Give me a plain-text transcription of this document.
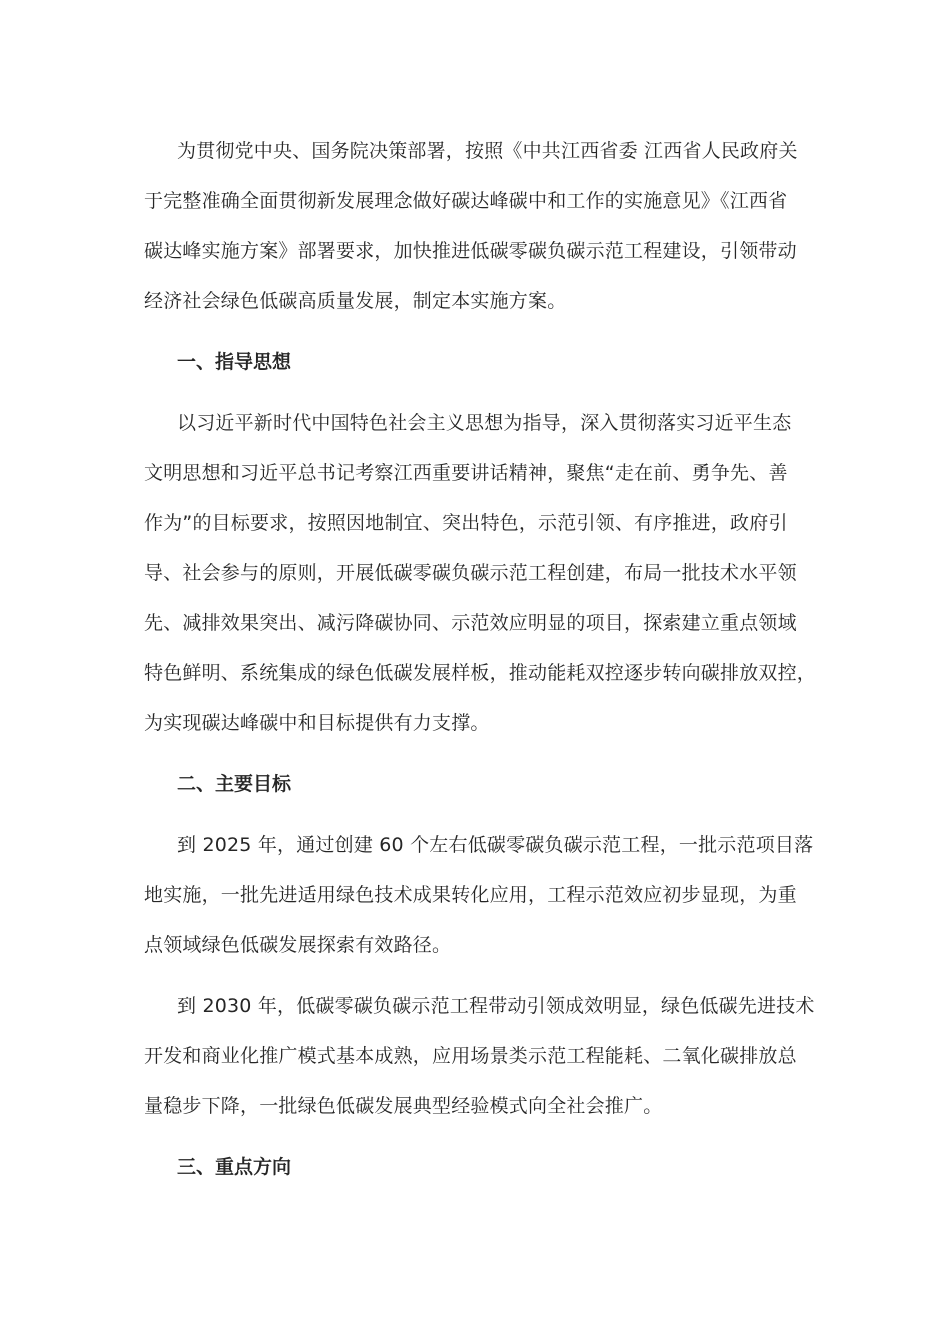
为贯彻党中央、国务院决策部署，按照《中共江西省委 江西省人民政府关
于完整准确全面贯彻新发展理念做好碳达峰碳中和工作的实施意见》《江西省
碳达峰实施方案》部署要求，加快推进低碳零碳负碳示范工程建设，引领带动
经济社会绿色低碳高质量发展，制定本实施方案。

一、指导思想

以习近平新时代中国特色社会主义思想为指导，深入贯彻落实习近平生态
文明思想和习近平总书记考察江西重要讲话精神，聚焦“走在前、勇争先、善
作为”的目标要求，按照因地制宜、突出特色，示范引领、有序推进，政府引
导、社会参与的原则，开展低碳零碳负碳示范工程创建，布局一批技术水平领
先、减排效果突出、减污降碳协同、示范效应明显的项目，探索建立重点领域
特色鲜明、系统集成的绿色低碳发展样板，推动能耗双控逐步转向碳排放双控，
为实现碳达峰碳中和目标提供有力支撑。

二、主要目标

到 2025 年，通过创建 60 个左右低碳零碳负碳示范工程，一批示范项目落
地实施，一批先进适用绿色技术成果转化应用，工程示范效应初步显现，为重
点领域绿色低碳发展探索有效路径。

到 2030 年，低碳零碳负碳示范工程带动引领成效明显，绿色低碳先进技术
开发和商业化推广模式基本成熟，应用场景类示范工程能耗、二氧化碳排放总
量稳步下降，一批绿色低碳发展典型经验模式向全社会推广。

三、重点方向
